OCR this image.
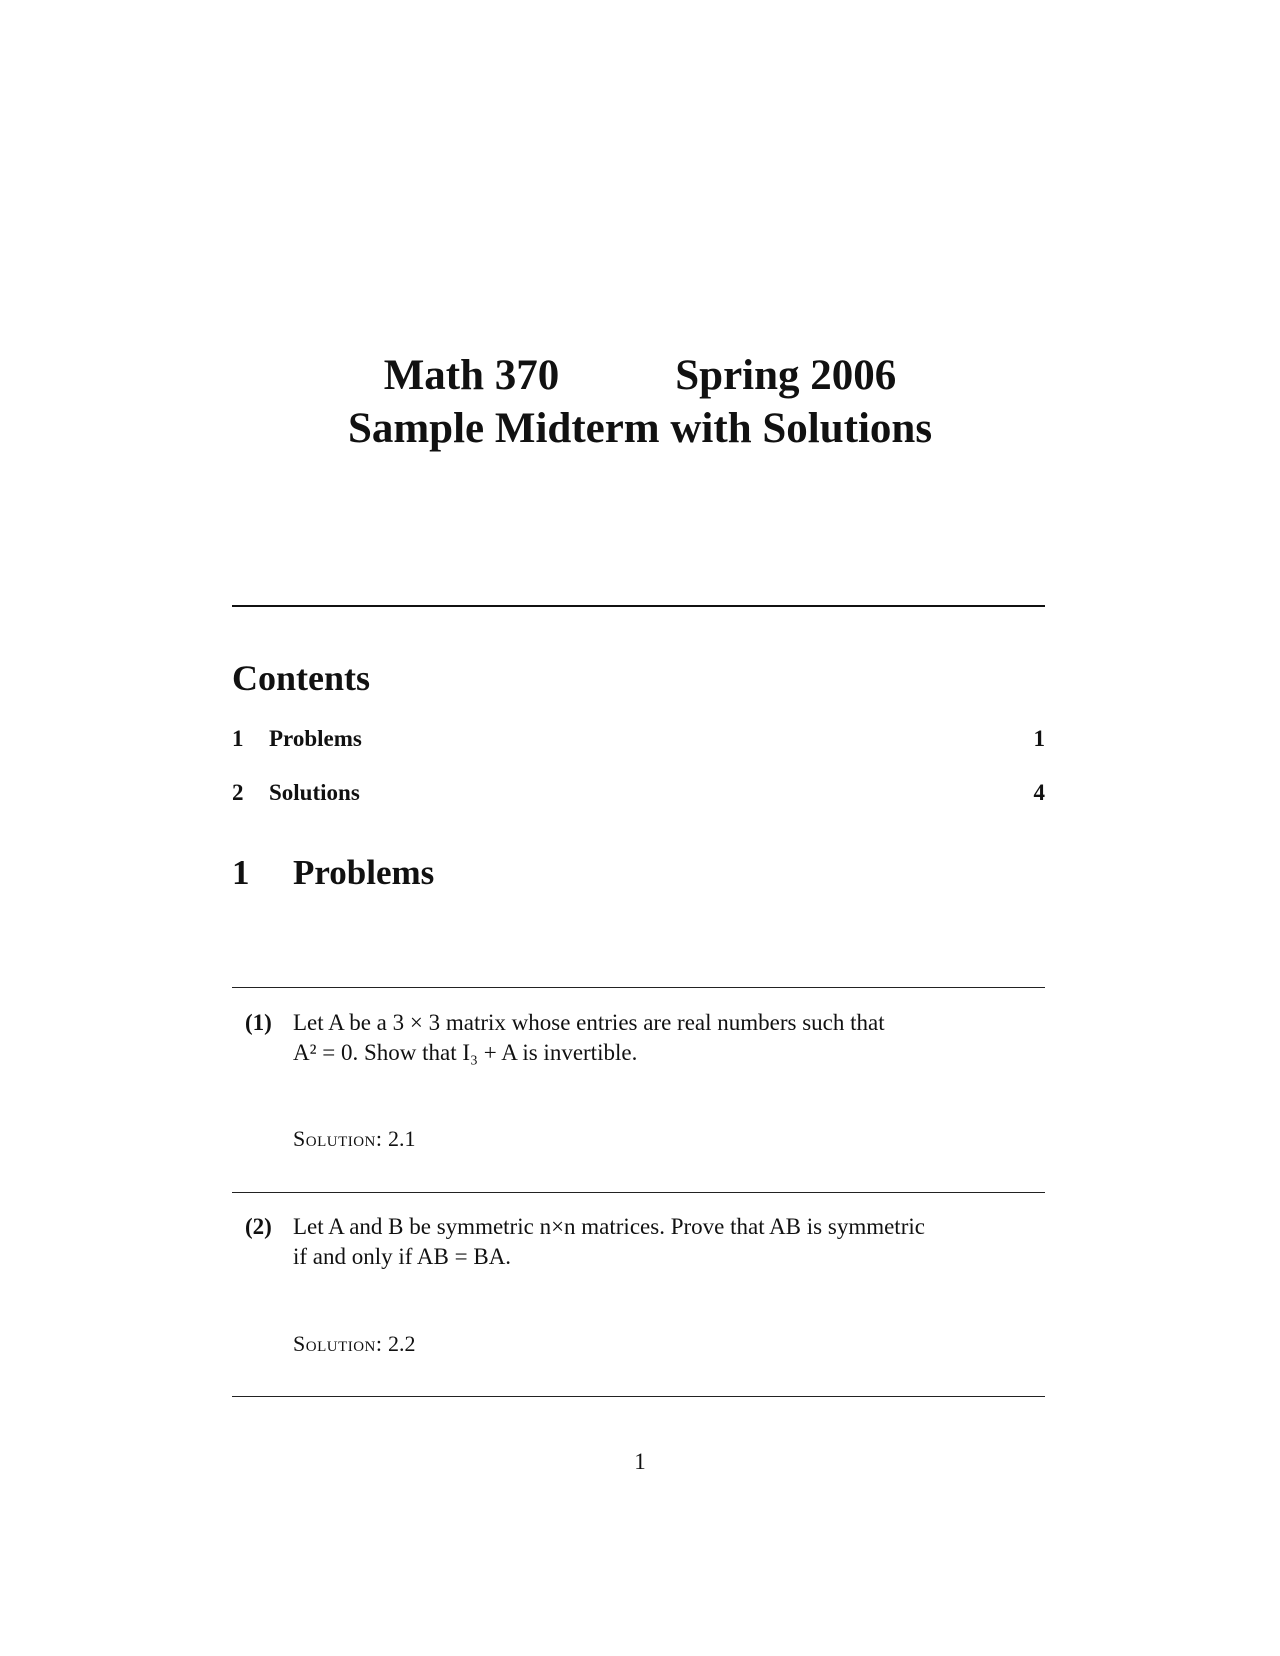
Math 370	Spring 2006
Sample Midterm with Solutions
Contents
1 Problems	1
2 Solutions	4
1 Problems
(1) Let A be a 3 × 3 matrix whose entries are real numbers such that
A² = 0. Show that I₃ + A is invertible.
Solution: 2.1
(2) Let A and B be symmetric n×n matrices. Prove that AB is symmetric
if and only if AB = BA.
Solution: 2.2
1
